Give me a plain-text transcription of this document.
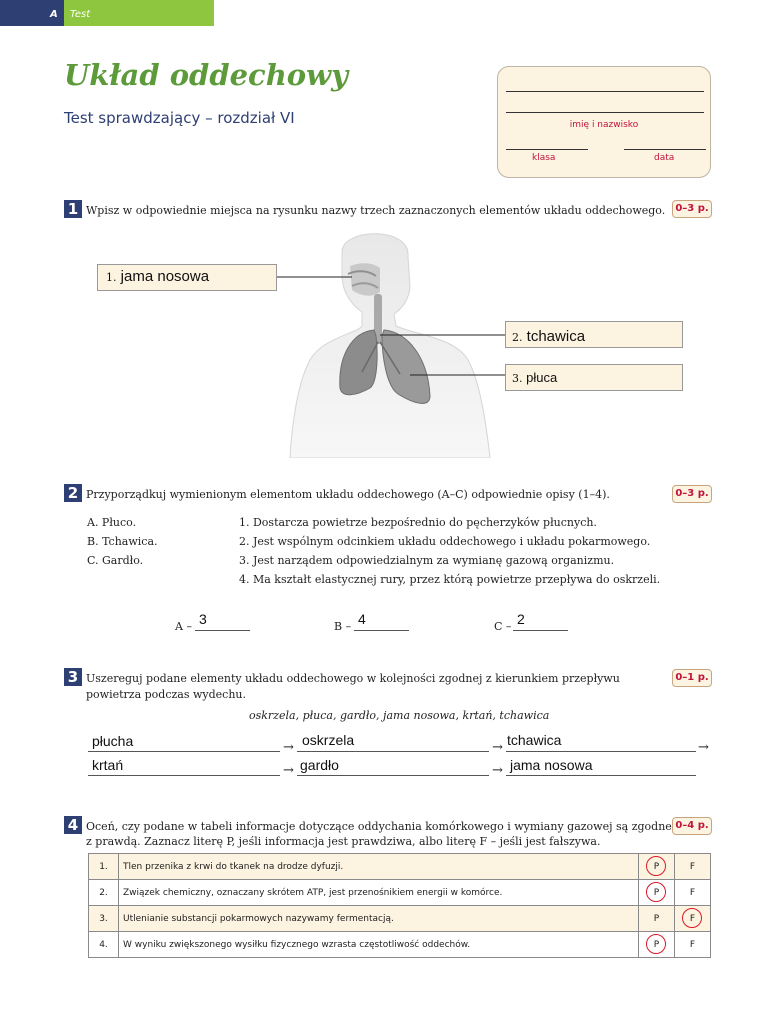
A	Test
Układ oddechowy
Test sprawdzający – rozdział VI	imię i nazwisko
klasa	data
1 Wpisz w odpowiednie miejsca na rysunku nazwy trzech zaznaczonych elementów układu oddechowego.	0–3 p.
1. jama nosowa
2. tchawica
3. płuca
2 Przyporządkuj wymienionym elementom układu oddechowego (A–C) odpowiednie opisy (1–4).	0–3 p.
A. Płuco.
B. Tchawica.
C. Gardło.
1. Dostarcza powietrze bezpośrednio do pęcherzyków płucnych.
2. Jest wspólnym odcinkiem układu oddechowego i układu pokarmowego.
3. Jest narządem odpowiedzialnym za wymianę gazową organizmu.
4. Ma kształt elastycznej rury, przez którą powietrze przepływa do oskrzeli.
A – 3	B – 4	C – 2
3 Uszereguj podane elementy układu oddechowego w kolejności zgodnej z kierunkiem przepływu
powietrza podczas wydechu.
0–1 p.
oskrzela, płuca, gardło, jama nosowa, krtań, tchawica
płucha	→ oskrzela	→ tchawica	→
krtań	→ gardło	→ jama nosowa
4 Oceń, czy podane w tabeli informacje dotyczące oddychania komórkowego i wymiany gazowej są zgodne
z prawdą. Zaznacz literę P, jeśli informacja jest prawdziwa, albo literę F – jeśli jest fałszywa.
0–4 p.
1.	Tlen przenika z krwi do tkanek na drodze dyfuzji.	P	F
2.	Związek chemiczny, oznaczany skrótem ATP, jest przenośnikiem energii w komórce.	P	F
3.	Utlenianie substancji pokarmowych nazywamy fermentacją.	P	F

4.	W wyniku zwiększonego wysiłku fizycznego wzrasta częstotliwość oddechów.	P	F
